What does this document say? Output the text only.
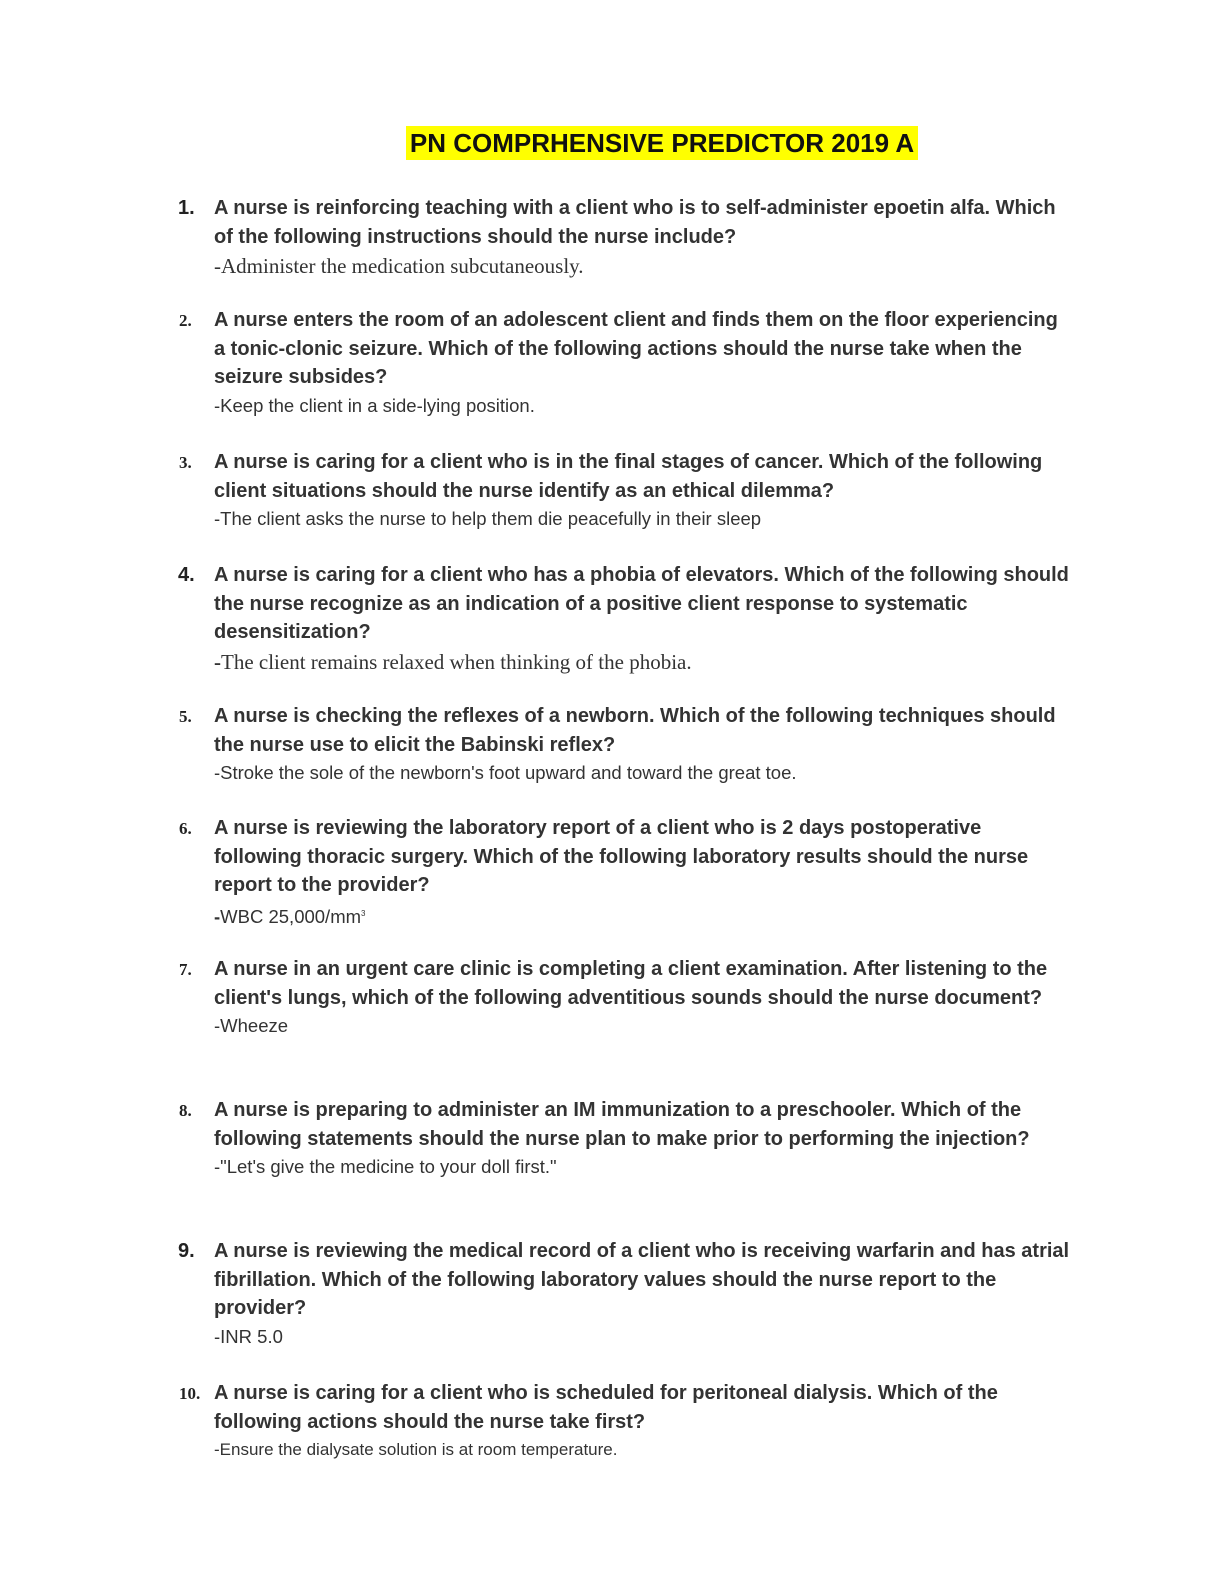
PN COMPRHENSIVE PREDICTOR 2019 A
1. A nurse is reinforcing teaching with a client who is to self-administer epoetin alfa. Which of the following instructions should the nurse include?
-Administer the medication subcutaneously.
2.	A nurse enters the room of an adolescent client and finds them on the floor experiencing a tonic-clonic seizure. Which of the following actions should the nurse take when the seizure subsides?
-Keep the client in a side-lying position.
3.	A nurse is caring for a client who is in the final stages of cancer. Which of the following client situations should the nurse identify as an ethical dilemma?
-The client asks the nurse to help them die peacefully in their sleep
4. A nurse is caring for a client who has a phobia of elevators. Which of the following should the nurse recognize as an indication of a positive client response to systematic desensitization?
-The client remains relaxed when thinking of the phobia.
5.	A nurse is checking the reflexes of a newborn. Which of the following techniques should the nurse use to elicit the Babinski reflex?
-Stroke the sole of the newborn's foot upward and toward the great toe.
6.	A nurse is reviewing the laboratory report of a client who is 2 days postoperative following thoracic surgery. Which of the following laboratory results should the nurse report to the provider?
-WBC $25,000/mm^3$
7.	A nurse in an urgent care clinic is completing a client examination. After listening to the client's lungs, which of the following adventitious sounds should the nurse document?
-Wheeze
8.	A nurse is preparing to administer an IM immunization to a preschooler. Which of the following statements should the nurse plan to make prior to performing the injection?
-"Let's give the medicine to your doll first."
9. A nurse is reviewing the medical record of a client who is receiving warfarin and has atrial fibrillation. Which of the following laboratory values should the nurse report to the provider?
-INR 5.0
10. A nurse is caring for a client who is scheduled for peritoneal dialysis. Which of the following actions should the nurse take first?
-Ensure the dialysate solution is at room temperature.
